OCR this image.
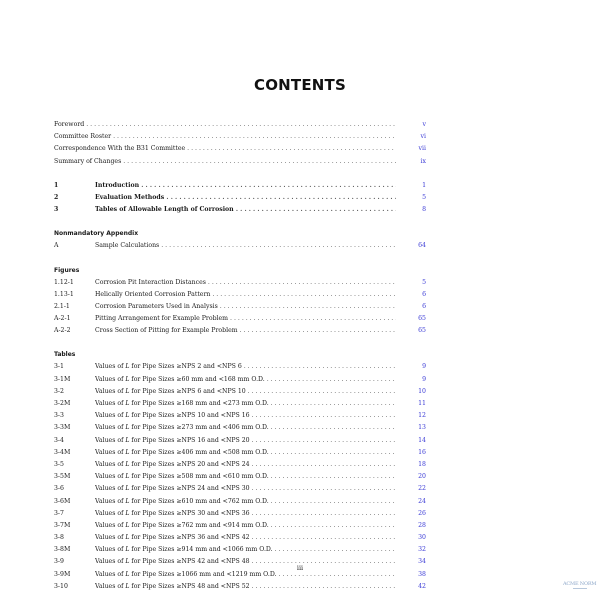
CONTENTS
Foreword . . .	v
Committee Roster . . .	vi
Correspondence With the B31 Committee . . .	vii
Summary of Changes . . .	ix
1	Introduction . . .	1
2	Evaluation Methods . . .	5
3	Tables of Allowable Length of Corrosion . . .	8
Nonmandatory Appendix
A	Sample Calculations . . .	64
Figures
1.12-1	Corrosion Pit Interaction Distances . . .	5
1.13-1	Helically Oriented Corrosion Pattern . . .	6
2.1-1	Corrosion Parameters Used in Analysis . . .	6
A-2-1	Pitting Arrangement for Example Problem . . .	65
A-2-2	Cross Section of Pitting for Example Problem . . .	65
Tables
3-1	Values of L for Pipe Sizes ≥NPS 2 and <NPS 6 . . .	9
3-1M	Values of L for Pipe Sizes ≥60 mm and <168 mm O.D. . . .	9
3-2	Values of L for Pipe Sizes ≥NPS 6 and <NPS 10 . . .	10
3-2M	Values of L for Pipe Sizes ≥168 mm and <273 mm O.D. . . .	11
3-3	Values of L for Pipe Sizes ≥NPS 10 and <NPS 16 . . .	12
3-3M	Values of L for Pipe Sizes ≥273 mm and <406 mm O.D. . . .	13
3-4	Values of L for Pipe Sizes ≥NPS 16 and <NPS 20 . . .	14
3-4M	Values of L for Pipe Sizes ≥406 mm and <508 mm O.D. . . .	16
3-5	Values of L for Pipe Sizes ≥NPS 20 and <NPS 24 . . .	18
3-5M	Values of L for Pipe Sizes ≥508 mm and <610 mm O.D. . . .	20
3-6	Values of L for Pipe Sizes ≥NPS 24 and <NPS 30 . . .	22
3-6M	Values of L for Pipe Sizes ≥610 mm and <762 mm O.D. . . .	24
3-7	Values of L for Pipe Sizes ≥NPS 30 and <NPS 36 . . .	26
3-7M	Values of L for Pipe Sizes ≥762 mm and <914 mm O.D. . . .	28
3-8	Values of L for Pipe Sizes ≥NPS 36 and <NPS 42 . . .	30
3-8M	Values of L for Pipe Sizes ≥914 mm and <1066 mm O.D. . . .	32
3-9	Values of L for Pipe Sizes ≥NPS 42 and <NPS 48 . . .	34
3-9M	Values of L for Pipe Sizes ≥1066 mm and <1219 mm O.D. . . .	38
3-10	Values of L for Pipe Sizes ≥NPS 48 and <NPS 52 . . .	42
iii
ACME NORM
